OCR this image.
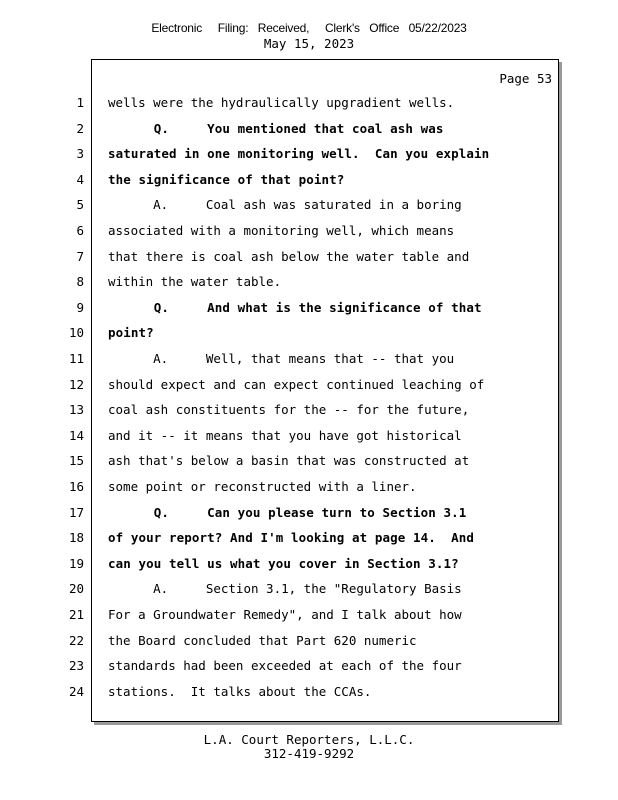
Electronic     Filing:   Received,     Clerk's   Office   05/22/2023
May 15, 2023
Page 53
1 wells were the hydraulically upgradient wells.
2 Q.     You mentioned that coal ash was
3 saturated in one monitoring well.  Can you explain
4 the significance of that point?
5 A.     Coal ash was saturated in a boring
6 associated with a monitoring well, which means
7 that there is coal ash below the water table and
8 within the water table.
9 Q.     And what is the significance of that
10 point?
11 A.     Well, that means that -- that you
12 should expect and can expect continued leaching of
13 coal ash constituents for the -- for the future,
14 and it -- it means that you have got historical
15 ash that's below a basin that was constructed at
16 some point or reconstructed with a liner.
17 Q.     Can you please turn to Section 3.1
18 of your report? And I'm looking at page 14.  And
19 can you tell us what you cover in Section 3.1?
20 A.     Section 3.1, the "Regulatory Basis
21 For a Groundwater Remedy", and I talk about how
22 the Board concluded that Part 620 numeric
23 standards had been exceeded at each of the four
24 stations.  It talks about the CCAs.
L.A. Court Reporters, L.L.C.
312-419-9292
